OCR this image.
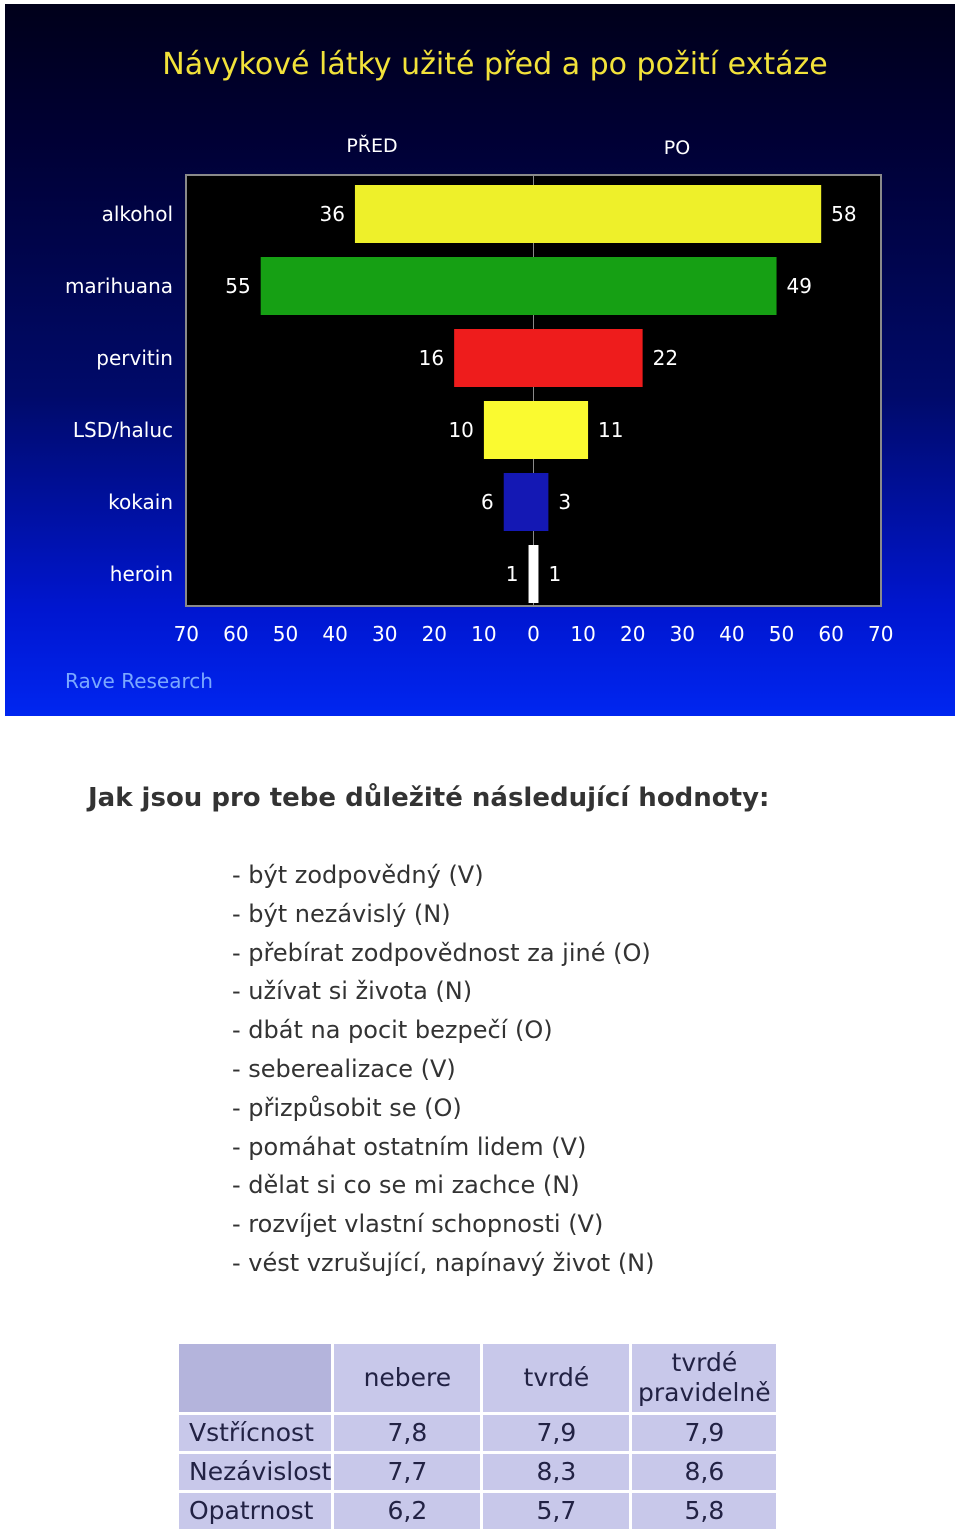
Návykové látky užité před a po požití extáze
PŘED	PO
alkohol	36	58
marihuana	55	49
pervitin	16	22
LSD/haluc	10	11
kokain	6	3
heroin	1 1
70 60 50 40 30 20 10 0 10 20 30 40 50 60 70
Rave Research
Jak jsou pro tebe důležité následující hodnoty:
- být zodpovědný (V)
- být nezávislý (N)
- přebírat zodpovědnost za jiné (O)
- užívat si života (N)
- dbát na pocit bezpečí (O)
- seberealizace (V)
- přizpůsobit se (O)
- pomáhat ostatním lidem (V)
- dělat si co se mi zachce (N)
- rozvíjet vlastní schopnosti (V)
- vést vzrušující, napínavý život (N)
	nebere	tvrdé	tvrdé pravidelně
Vstřícnost	7,8	7,9	7,9
Nezávislost	7,7	8,3	8,6
Opatrnost	6,2	5,7	5,8
